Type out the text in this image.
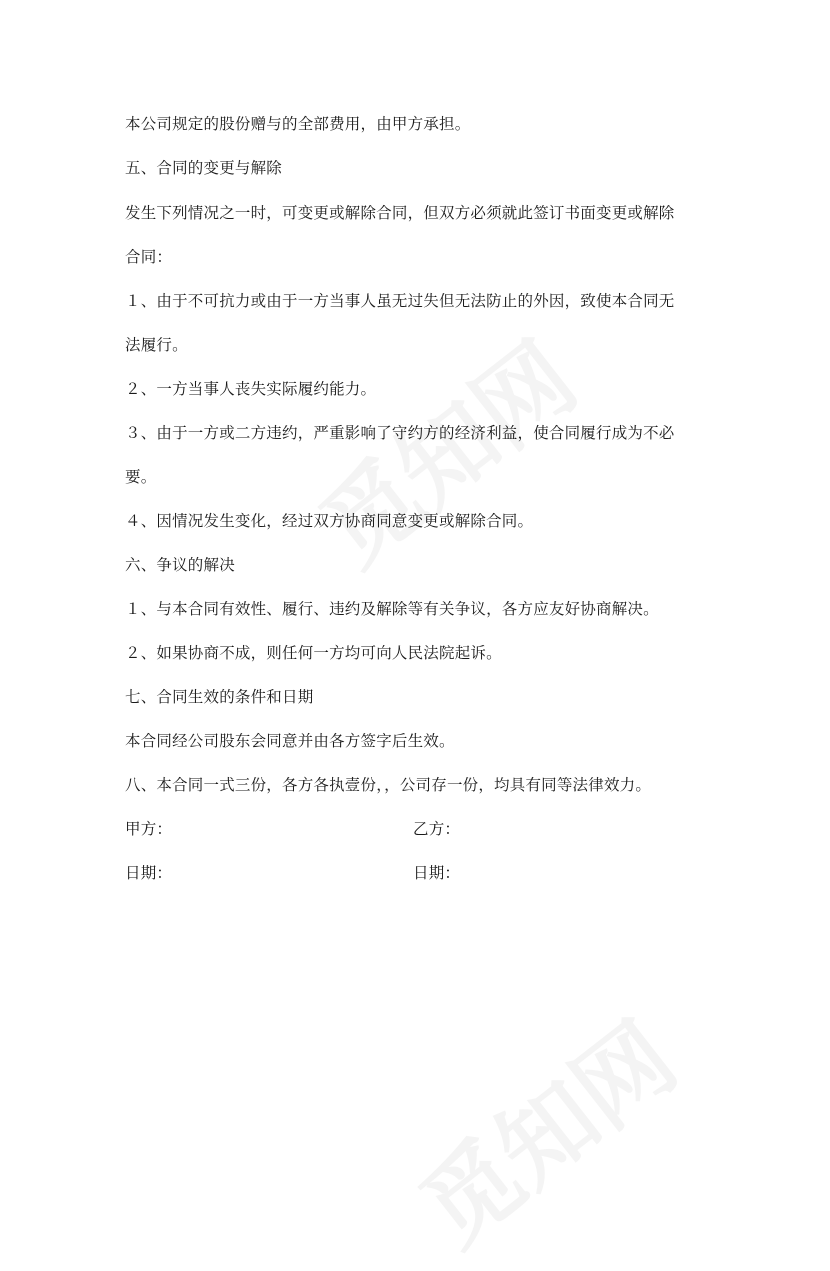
本公司规定的股份赠与的全部费用，由甲方承担。
五、合同的变更与解除
发生下列情况之一时，可变更或解除合同，但双方必须就此签订书面变更或解除
合同：
１、由于不可抗力或由于一方当事人虽无过失但无法防止的外因，致使本合同无
法履行。
２、一方当事人丧失实际履约能力。
３、由于一方或二方违约，严重影响了守约方的经济利益，使合同履行成为不必
要。
４、因情况发生变化，经过双方协商同意变更或解除合同。
六、争议的解决
１、与本合同有效性、履行、违约及解除等有关争议，各方应友好协商解决。
２、如果协商不成，则任何一方均可向人民法院起诉。
七、合同生效的条件和日期
本合同经公司股东会同意并由各方签字后生效。
八、本合同一式三份，各方各执壹份，，公司存一份，均具有同等法律效力。
甲方：	乙方：
日期：	日期：
